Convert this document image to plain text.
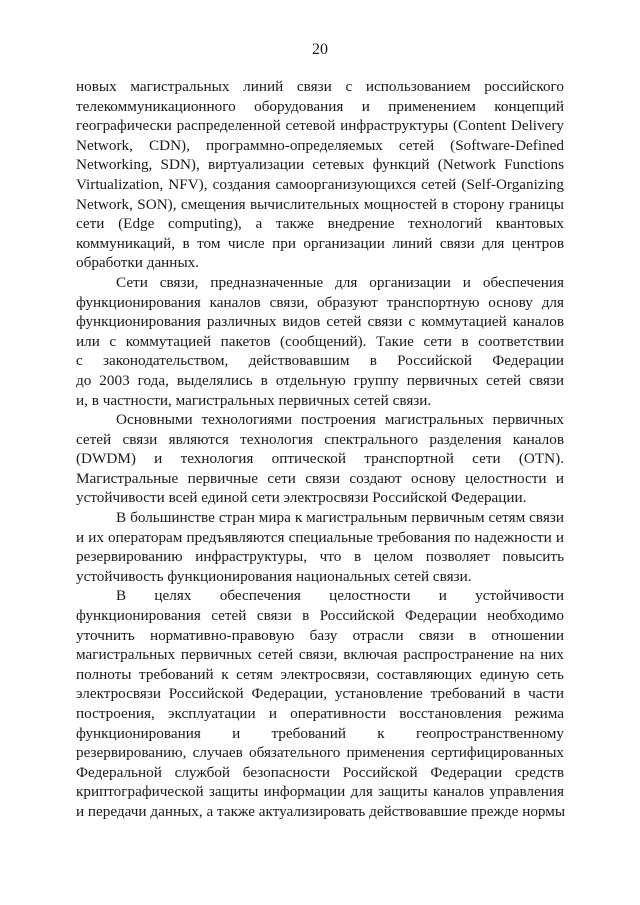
20
новых магистральных линий связи с использованием российского
телекоммуникационного оборудования и применением концепций
географически распределенной сетевой инфраструктуры (Content Delivery
Network, CDN), программно-определяемых сетей (Software-Defined
Networking, SDN), виртуализации сетевых функций (Network Functions
Virtualization, NFV), создания самоорганизующихся сетей (Self-Organizing
Network, SON), смещения вычислительных мощностей в сторону границы
сети (Edge computing), а также внедрение технологий квантовых
коммуникаций, в том числе при организации линий связи для центров
обработки данных.
Сети связи, предназначенные для организации и обеспечения
функционирования каналов связи, образуют транспортную основу для
функционирования различных видов сетей связи с коммутацией каналов
или с коммутацией пакетов (сообщений). Такие сети в соответствии
с законодательством, действовавшим в Российской Федерации
до 2003 года, выделялись в отдельную группу первичных сетей связи
и, в частности, магистральных первичных сетей связи.
Основными технологиями построения магистральных первичных
сетей связи являются технология спектрального разделения каналов
(DWDM) и технология оптической транспортной сети (OTN).
Магистральные первичные сети связи создают основу целостности и
устойчивости всей единой сети электросвязи Российской Федерации.
В большинстве стран мира к магистральным первичным сетям связи
и их операторам предъявляются специальные требования по надежности и
резервированию инфраструктуры, что в целом позволяет повысить
устойчивость функционирования национальных сетей связи.
В целях обеспечения целостности и устойчивости
функционирования сетей связи в Российской Федерации необходимо
уточнить нормативно-правовую базу отрасли связи в отношении
магистральных первичных сетей связи, включая распространение на них
полноты требований к сетям электросвязи, составляющих единую сеть
электросвязи Российской Федерации, установление требований в части
построения, эксплуатации и оперативности восстановления режима
функционирования и требований к геопространственному
резервированию, случаев обязательного применения сертифицированных
Федеральной службой безопасности Российской Федерации средств
криптографической защиты информации для защиты каналов управления
и передачи данных, а также актуализировать действовавшие прежде нормы
